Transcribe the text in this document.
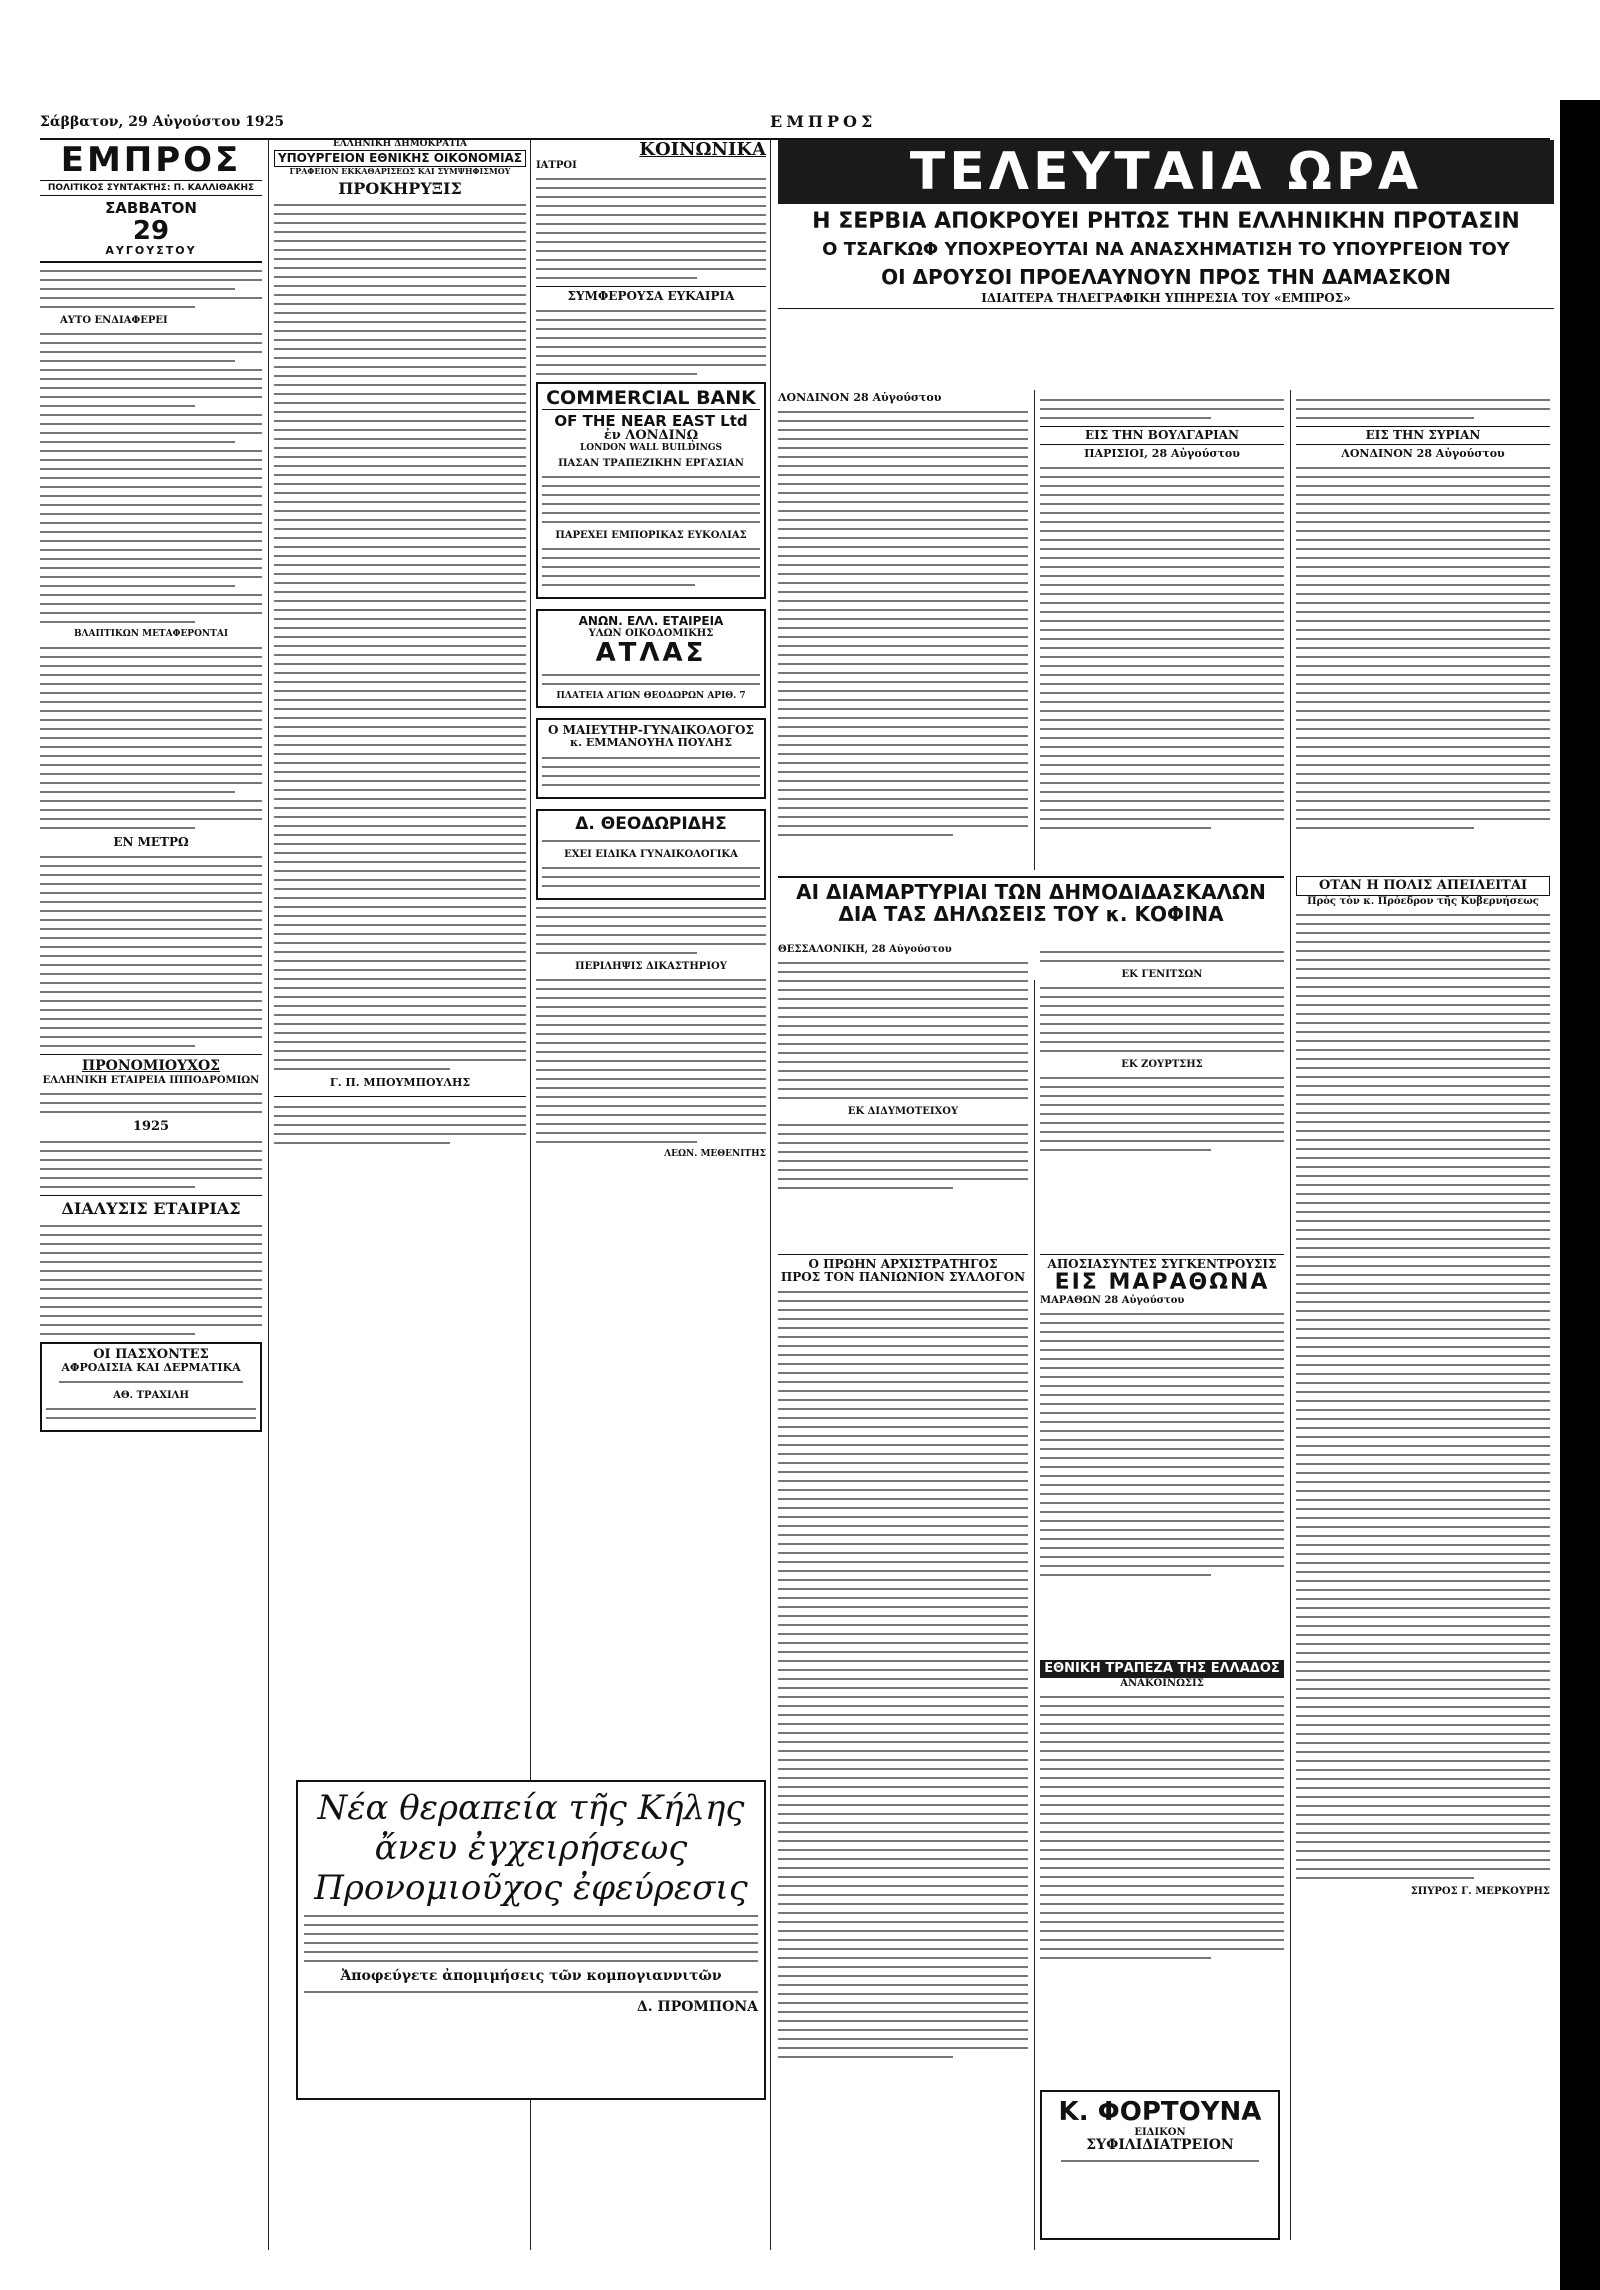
Σάββατον, 29 Αὐγούστου 1925	ΕΜΠΡΟΣ
ΕΜΠΡΟΣ
ΠΟΛΙΤΙΚΟΣ ΣΥΝΤΑΚΤΗΣ: Π. ΚΑΛΛΙΘΑΚΗΣ
ΣΑΒΒΑΤΟΝ
29
ΑΥΓΟΥΣΤΟΥ
ΑΥΤΟ ΕΝΔΙΑΦΕΡΕΙ
ΒΛΑΠΤΙΚΩΝ ΜΕΤΑΦΕΡΟΝΤΑΙ
ΕΝ ΜΕΤΡΩ
ΠΡΟΝΟΜΙΟΥΧΟΣ
ΕΛΛΗΝΙΚΗ ΕΤΑΙΡΕΙΑ ΙΠΠΟΔΡΟΜΙΩΝ
1925
ΔΙΑΛΥΣΙΣ ΕΤΑΙΡΙΑΣ
ΟΙ ΠΑΣΧΟΝΤΕΣ
ΑΦΡΟΔΙΣΙΑ ΚΑΙ ΔΕΡΜΑΤΙΚΑ
ΑΘ. ΤΡΑΧΙΛΗ
ΕΛΛΗΝΙΚΗ ΔΗΜΟΚΡΑΤΙΑ
ΥΠΟΥΡΓΕΙΟΝ ΕΘΝΙΚΗΣ ΟΙΚΟΝΟΜΙΑΣ
ΓΡΑΦΕΙΟΝ ΕΚΚΑΘΑΡΙΣΕΩΣ ΚΑΙ ΣΥΜΨΗΦΙΣΜΟΥ
ΠΡΟΚΗΡΥΞΙΣ
Γ. Π. ΜΠΟΥΜΠΟΥΛΗΣ
ΚΟΙΝΩΝΙΚΑ
ΙΑΤΡΟΙ
ΣΥΜΦΕΡΟΥΣΑ ΕΥΚΑΙΡΙΑ
COMMERCIAL BANK
OF THE NEAR EAST Ltd
ἐν ΛΟΝΔΙΝῼ
LONDON WALL BUILDINGS
ΠΑΣΑΝ ΤΡΑΠΕΖΙΚΗΝ ΕΡΓΑΣΙΑΝ
ΠΑΡΕΧΕΙ ΕΜΠΟΡΙΚΑΣ ΕΥΚΟΛΙΑΣ
ΑΝΩΝ. ΕΛΛ. ΕΤΑΙΡΕΙΑ
ΥΛΩΝ ΟΙΚΟΔΟΜΙΚΗΣ
ΑΤΛΑΣ
ΠΛΑΤΕΙΑ ΑΓΙΩΝ ΘΕΟΔΩΡΩΝ ΑΡΙΘ. 7
Ο ΜΑΙΕΥΤΗΡ-ΓΥΝΑΙΚΟΛΟΓΟΣ
κ. ΕΜΜΑΝΟΥΗΛ ΠΟΥΛΗΣ
Δ. ΘΕΟΔΩΡΙΔΗΣ
ΕΧΕΙ ΕΙΔΙΚΑ ΓΥΝΑΙΚΟΛΟΓΙΚΑ
ΠΕΡΙΛΗΨΙΣ ΔΙΚΑΣΤΗΡΙΟΥ
ΛΕΩΝ. ΜΕΘΕΝΙΤΗΣ
Νέα θεραπεία τῆς Κήλης
ἄνευ ἐγχειρήσεως
Προνομιοῦχος ἐφεύρεσις
Ἀποφεύγετε ἀπομιμήσεις τῶν κομπογιαννιτῶν
Δ. ΠΡΟΜΠΟΝΑ
ΤΕΛΕΥΤΑΙΑ ΩΡΑ
Η ΣΕΡΒΙΑ ΑΠΟΚΡΟΥΕΙ ΡΗΤΩΣ ΤΗΝ ΕΛΛΗΝΙΚΗΝ ΠΡΟΤΑΣΙΝ
Ο ΤΣΑΓΚΩΦ ΥΠΟΧΡΕΟΥΤΑΙ ΝΑ ΑΝΑΣΧΗΜΑΤΙΣΗ ΤΟ ΥΠΟΥΡΓΕΙΟΝ ΤΟΥ
ΟΙ ΔΡΟΥΣΟΙ ΠΡΟΕΛΑΥΝΟΥΝ ΠΡΟΣ ΤΗΝ ΔΑΜΑΣΚΟΝ
ΙΔΙΑΙΤΕΡΑ ΤΗΛΕΓΡΑΦΙΚΗ ΥΠΗΡΕΣΙΑ ΤΟΥ «ΕΜΠΡΟΣ»
ΛΟΝΔΙΝΟΝ 28 Αὐγούστου
ΕΙΣ ΤΗΝ ΒΟΥΛΓΑΡΙΑΝ
ΠΑΡΙΣΙΟΙ, 28 Αὐγούστου
ΕΙΣ ΤΗΝ ΣΥΡΙΑΝ
ΛΟΝΔΙΝΟΝ 28 Αὐγούστου
ΑΙ ΔΙΑΜΑΡΤΥΡΙΑΙ ΤΩΝ ΔΗΜΟΔΙΔΑΣΚΑΛΩΝ
ΔΙΑ ΤΑΣ ΔΗΛΩΣΕΙΣ ΤΟΥ κ. ΚΟΦΙΝΑ
ΘΕΣΣΑΛΟΝΙΚΗ, 28 Αὐγούστου
ΕΚ ΔΙΔΥΜΟΤΕΙΧΟΥ
ΕΚ ΓΕΝΙΤΣΩΝ
ΕΚ ΖΟΥΡΤΣΗΣ
Ο ΠΡΩΗΝ ΑΡΧΙΣΤΡΑΤΗΓΟΣ
ΠΡΟΣ ΤΟΝ ΠΑΝΙΩΝΙΟΝ ΣΥΛΛΟΓΟΝ
ΑΠΟΣΙΑΣΥΝΤΕΣ ΣΥΓΚΕΝΤΡΟΥΣΙΣ
ΕΙΣ ΜΑΡΑΘΩΝΑ
ΜΑΡΑΘΩΝ 28 Αὐγούστου
ΕΘΝΙΚΗ ΤΡΑΠΕΖΑ ΤΗΣ ΕΛΛΑΔΟΣ
ΑΝΑΚΟΙΝΩΣΙΣ
Κ. ΦΟΡΤΟΥΝΑ
ΕΙΔΙΚΟΝ
ΣΥΦΙΛΙΔΙΑΤΡΕΙΟΝ
ΟΤΑΝ Η ΠΟΛΙΣ ΑΠΕΙΛΕΙΤΑΙ
Πρὸς τὸν κ. Πρόεδρον τῆς Κυβερνήσεως
ΣΠΥΡΟΣ Γ. ΜΕΡΚΟΥΡΗΣ
